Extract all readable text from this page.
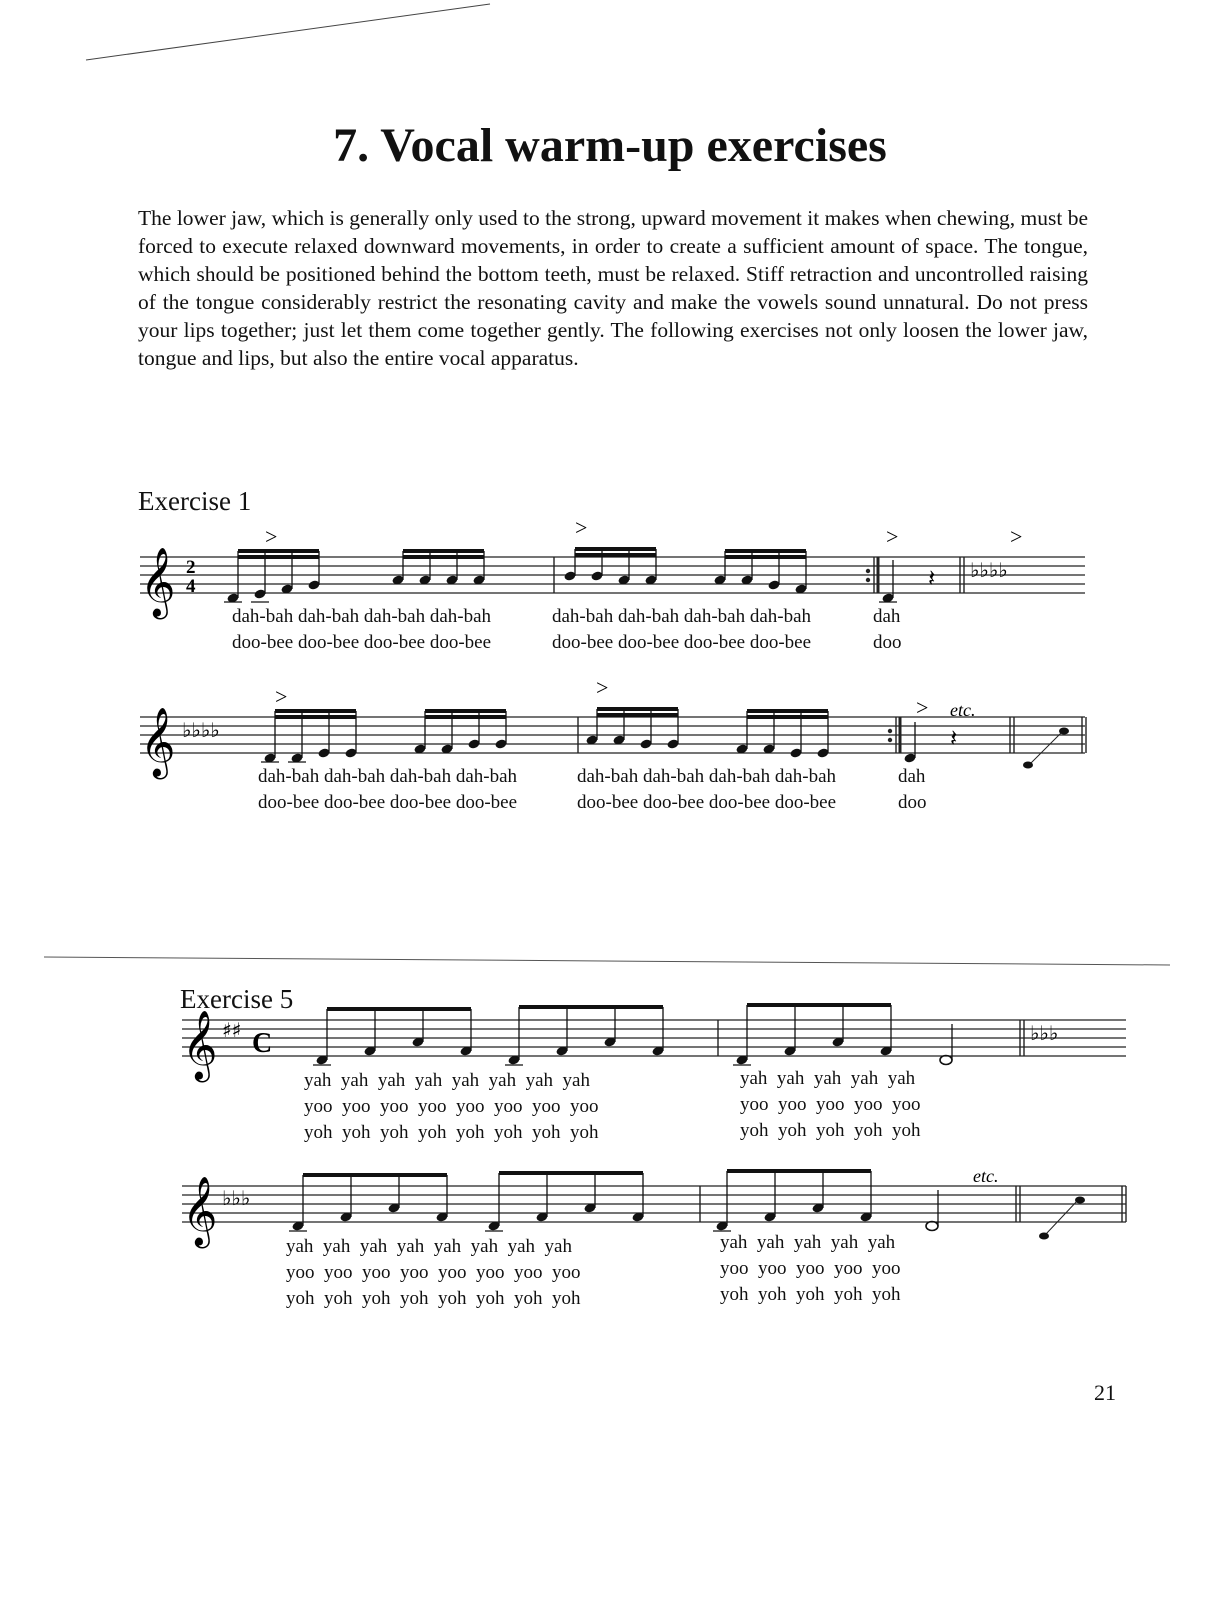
7. Vocal warm-up exercises

The lower jaw, which is generally only used to the strong, upward movement it makes when chewing, must be forced to execute relaxed downward movements, in order to create a sufficient amount of space. The tongue, which should be positioned behind the bottom teeth, must be relaxed. Stiff retraction and uncontrolled raising of the tongue considerably restrict the resonating cavity and make the vowels sound unnatural. Do not press your lips together; just let them come together gently. The following exercises not only loosen the lower jaw, tongue and lips, but also the entire vocal apparatus.

Exercise 1

Exercise 5

dah-bah dah-bah dah-bah dah-bah
doo-bee doo-bee doo-bee doo-bee
dah-bah dah-bah dah-bah dah-bah
doo-bee doo-bee doo-bee doo-bee
dah
doo
dah-bah dah-bah dah-bah dah-bah
doo-bee doo-bee doo-bee doo-bee
dah-bah dah-bah dah-bah dah-bah
doo-bee doo-bee doo-bee doo-bee
dah
doo
yah  yah  yah  yah  yah  yah  yah  yah
yoo  yoo  yoo  yoo  yoo  yoo  yoo  yoo
yoh  yoh  yoh  yoh  yoh  yoh  yoh  yoh
yah  yah  yah  yah  yah
yoo  yoo  yoo  yoo  yoo
yoh  yoh  yoh  yoh  yoh
yah  yah  yah  yah  yah  yah  yah  yah
yoo  yoo  yoo  yoo  yoo  yoo  yoo  yoo
yoh  yoh  yoh  yoh  yoh  yoh  yoh  yoh
yah  yah  yah  yah  yah
yoo  yoo  yoo  yoo  yoo
yoh  yoh  yoh  yoh  yoh
21
𝄞 2
4
>	>	>	>
𝄽 ♭♭♭♭
𝄞 ♭♭♭♭
>	>
> etc.
𝄽
𝄞 ♯♯ C	♭♭♭
𝄞 ♭♭♭
etc.
